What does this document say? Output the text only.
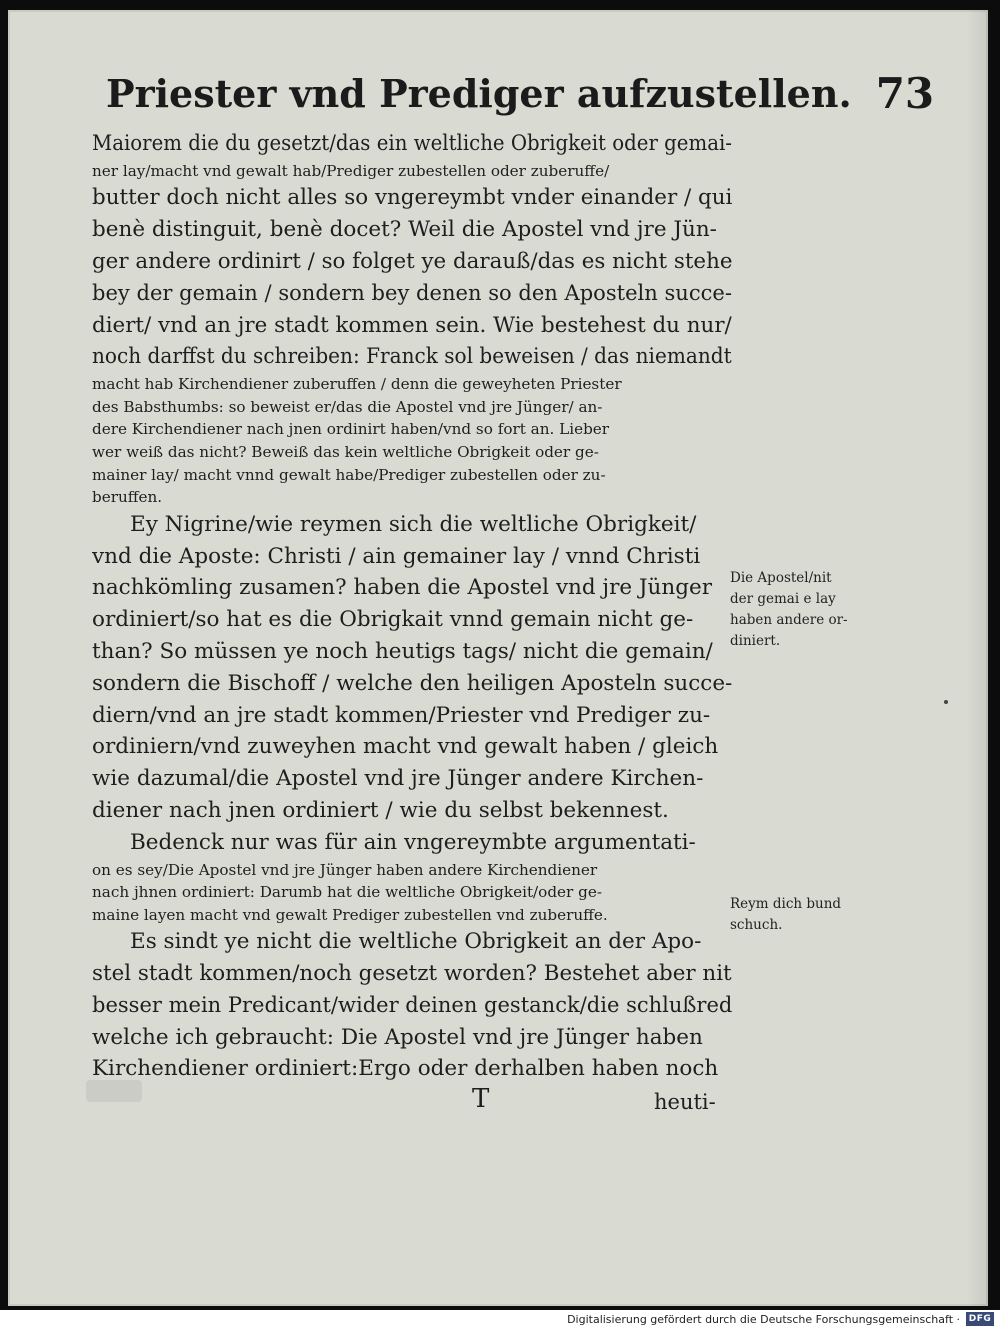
Priester vnd Prediger aufzustellen. 73
Maiorem die du gesetzt/das ein weltliche Obrigkeit oder gemai-
ner lay/macht vnd gewalt hab/Prediger zubestellen oder zuberuffe/
butter doch nicht alles so vngereymbt vnder einander / qui
benè distinguit, benè docet? Weil die Apostel vnd jre Jün-
ger andere ordinirt / so folget ye darauß/das es nicht stehe
bey der gemain / sondern bey denen so den Aposteln succe-
diert/ vnd an jre stadt kommen sein. Wie bestehest du nur/
noch darffst du schreiben: Franck sol beweisen / das niemandt
macht hab Kirchendiener zuberuffen / denn die geweyheten Priester
des Babsthumbs: so beweist er/das die Apostel vnd jre Jünger/ an-
dere Kirchendiener nach jnen ordinirt haben/vnd so fort an. Lieber
wer weiß das nicht? Beweiß das kein weltliche Obrigkeit oder ge-
mainer lay/ macht vnnd gewalt habe/Prediger zubestellen oder zu-
beruffen.
Ey Nigrine/wie reymen sich die weltliche Obrigkeit/
vnd die Aposte: Christi / ain gemainer lay / vnnd Christi
nachkömling zusamen? haben die Apostel vnd jre Jünger
ordiniert/so hat es die Obrigkait vnnd gemain nicht ge-
than? So müssen ye noch heutigs tags/ nicht die gemain/
sondern die Bischoff / welche den heiligen Aposteln succe-
diern/vnd an jre stadt kommen/Priester vnd Prediger zu-
ordiniern/vnd zuweyhen macht vnd gewalt haben / gleich
wie dazumal/die Apostel vnd jre Jünger andere Kirchen-
diener nach jnen ordiniert / wie du selbst bekennest.
Bedenck nur was für ain vngereymbte argumentati-
on es sey/Die Apostel vnd jre Jünger haben andere Kirchendiener
nach jhnen ordiniert: Darumb hat die weltliche Obrigkeit/oder ge-
maine layen macht vnd gewalt Prediger zubestellen vnd zuberuffe.
Es sindt ye nicht die weltliche Obrigkeit an der Apo-
stel stadt kommen/noch gesetzt worden? Bestehet aber nit
besser mein Predicant/wider deinen gestanck/die schlußred
welche ich gebraucht: Die Apostel vnd jre Jünger haben
Kirchendiener ordiniert:Ergo oder derhalben haben noch
Die Apostel/nit
der gemai e lay
haben andere or-
diniert.
Reym dich bund
schuch.
T	heuti-
Digitalisierung gefördert durch die Deutsche Forschungsgemeinschaft · DFG
